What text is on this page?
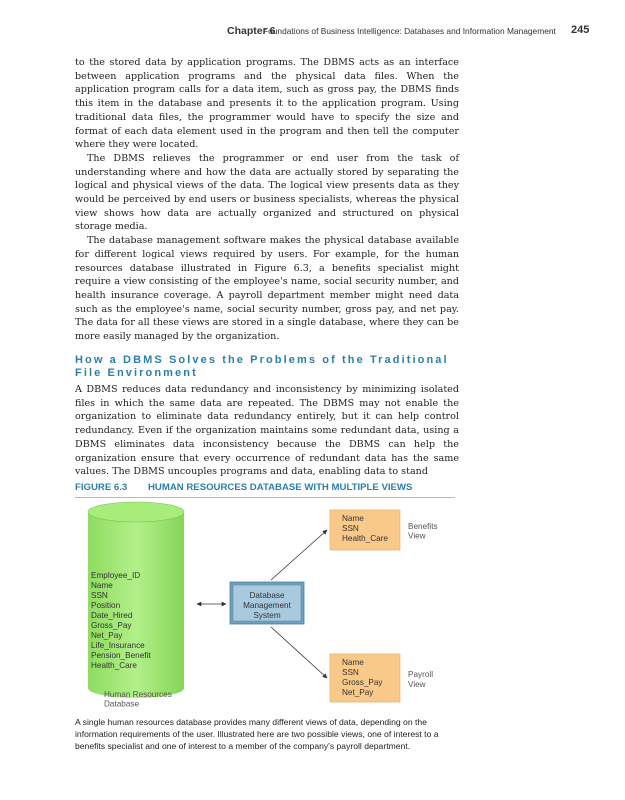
Chapter 6
Foundations of Business Intelligence: Databases and Information Management 245

to the stored data by application programs. The DBMS acts as an interface between application programs and the physical data files. When the application program calls for a data item, such as gross pay, the DBMS finds this item in the database and presents it to the application program. Using traditional data files, the programmer would have to specify the size and format of each data element used in the program and then tell the computer where they were located.

The DBMS relieves the programmer or end user from the task of understanding where and how the data are actually stored by separating the logical and physical views of the data. The logical view presents data as they would be perceived by end users or business specialists, whereas the physical view shows how data are actually organized and structured on physical storage media.

The database management software makes the physical database available for different logical views required by users. For example, for the human resources database illustrated in Figure 6.3, a benefits specialist might require a view consisting of the employee's name, social security number, and health insurance coverage. A payroll department member might need data such as the employee's name, social security number, gross pay, and net pay. The data for all these views are stored in a single database, where they can be more easily managed by the organization.

How a DBMS Solves the Problems of the Traditional File Environment

A DBMS reduces data redundancy and inconsistency by minimizing isolated files in which the same data are repeated. The DBMS may not enable the organization to eliminate data redundancy entirely, but it can help control redundancy. Even if the organization maintains some redundant data, using a DBMS eliminates data inconsistency because the DBMS can help the organization ensure that every occurrence of redundant data has the same values. The DBMS uncouples programs and data, enabling data to stand

FIGURE 6.3 HUMAN RESOURCES DATABASE WITH MULTIPLE VIEWS
Employee_ID
Name
SSN
Position
Date_Hired
Gross_Pay
Net_Pay
Life_Insurance
Pension_Benefit
Health_Care
Human Resources
Database
Database
Management
System
Name
SSN
Health_Care
Benefits
View
Name
SSN
Gross_Pay
Net_Pay
Payroll
View

A single human resources database provides many different views of data, depending on the information requirements of the user. Illustrated here are two possible views, one of interest to a benefits specialist and one of interest to a member of the company's payroll department.
